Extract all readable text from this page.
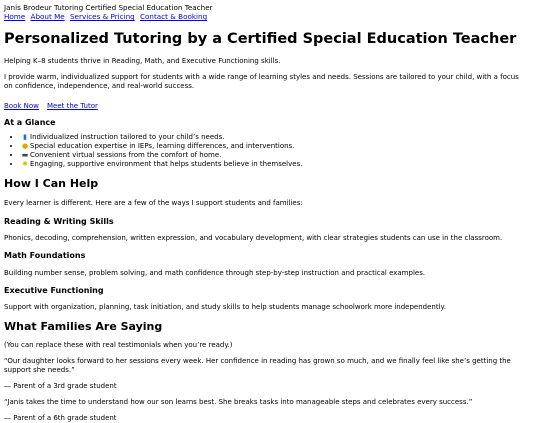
Janis Brodeur Tutoring Certified Special Education Teacher
Home About Me Services & Pricing Contact & Booking
Personalized Tutoring by a Certified Special Education Teacher

Helping K–8 students thrive in Reading, Math, and Executive Functioning skills.

I provide warm, individualized support for students with a wide range of learning styles and needs. Sessions are tailored to your child, with a focus on confidence, independence, and real-world success.

Book Now Meet the Tutor
At a Glance
• ▮ Individualized instruction tailored to your child’s needs.
• ● Special education expertise in IEPs, learning differences, and interventions.
• ▬ Convenient virtual sessions from the comfort of home.
• ✸ Engaging, supportive environment that helps students believe in themselves.
How I Can Help

Every learner is different. Here are a few of the ways I support students and families:

Reading & Writing Skills

Phonics, decoding, comprehension, written expression, and vocabulary development, with clear strategies students can use in the classroom.

Math Foundations

Building number sense, problem solving, and math confidence through step-by-step instruction and practical examples.

Executive Functioning

Support with organization, planning, task initiation, and study skills to help students manage schoolwork more independently.

What Families Are Saying

(You can replace these with real testimonials when you’re ready.)

“Our daughter looks forward to her sessions every week. Her confidence in reading has grown so much, and we finally feel like she’s getting the support she needs.”

— Parent of a 3rd grade student

“Janis takes the time to understand how our son learns best. She breaks tasks into manageable steps and celebrates every success.”

— Parent of a 6th grade student
